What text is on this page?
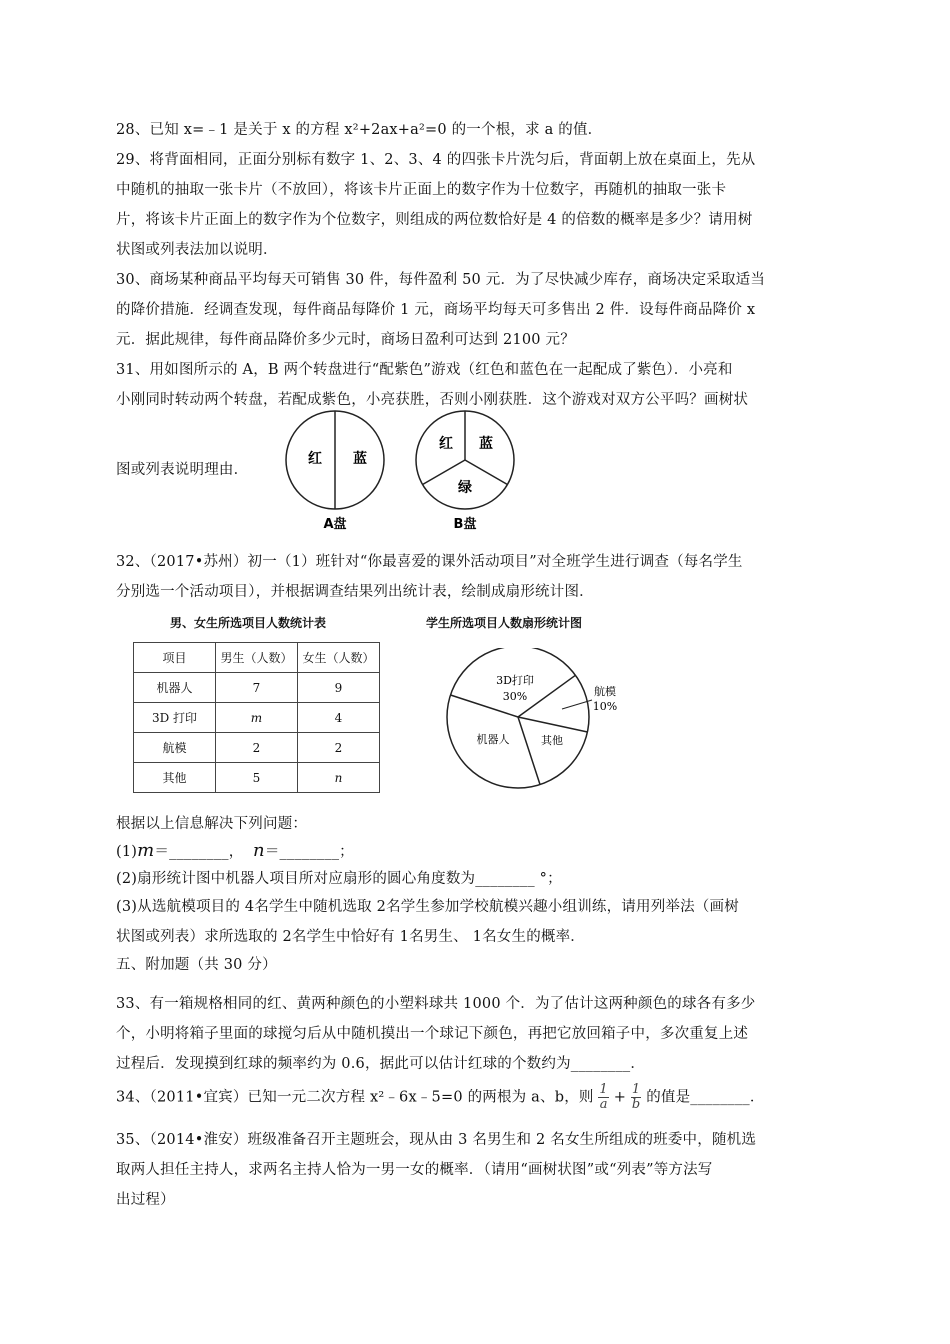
28、已知 x=﹣1 是关于 x 的方程 x²+2ax+a²=0 的一个根，求 a 的值．
29、将背面相同，正面分别标有数字 1、2、3、4 的四张卡片洗匀后，背面朝上放在桌面上，先从
中随机的抽取一张卡片（不放回），将该卡片正面上的数字作为十位数字，再随机的抽取一张卡
片，将该卡片正面上的数字作为个位数字，则组成的两位数恰好是 4 的倍数的概率是多少？请用树
状图或列表法加以说明．
30、商场某种商品平均每天可销售 30 件，每件盈利 50 元．为了尽快减少库存，商场决定采取适当
的降价措施．经调查发现，每件商品每降价 1 元，商场平均每天可多售出 2 件．设每件商品降价 x
元．据此规律，每件商品降价多少元时，商场日盈利可达到 2100 元？
31、用如图所示的 A，B 两个转盘进行“配紫色”游戏（红色和蓝色在一起配成了紫色）．小亮和
小刚同时转动两个转盘，若配成紫色，小亮获胜，否则小刚获胜．这个游戏对双方公平吗？画树状
图或列表说明理由．
红 蓝
A盘
红 蓝
绿
B盘
32、（2017•苏州）初一（1）班针对“你最喜爱的课外活动项目”对全班学生进行调查（每名学生
分别选一个活动项目），并根据调查结果列出统计表，绘制成扇形统计图．
男、女生所选项目人数统计表	学生所选项目人数扇形统计图
项目	男生（人数）	女生（人数）
机器人	7	9
3D 打印	m	4
航模	2	2
其他	5	n
3D打印
30%	航模
10%
机器人	其他
根据以上信息解决下列问题：
(1)m＝________， n＝________；
(2)扇形统计图中机器人项目所对应扇形的圆心角度数为________ °；
(3)从选航模项目的 4名学生中随机选取 2名学生参加学校航模兴趣小组训练，请用列举法（画树
状图或列表）求所选取的 2名学生中恰好有 1名男生、 1名女生的概率．
五、附加题（共 30 分）
33、有一箱规格相同的红、黄两种颜色的小塑料球共 1000 个．为了估计这两种颜色的球各有多少
个，小明将箱子里面的球搅匀后从中随机摸出一个球记下颜色，再把它放回箱子中，多次重复上述
过程后．发现摸到红球的频率约为 0.6，据此可以估计红球的个数约为________．
34、（2011•宜宾）已知一元二次方程 x²﹣6x﹣5=0 的两根为 a、b，则 $\frac{1}{a} + \frac{1}{b}$ 的值是________．
35、（2014•淮安）班级准备召开主题班会，现从由 3 名男生和 2 名女生所组成的班委中，随机选
取两人担任主持人，求两名主持人恰为一男一女的概率．（请用“画树状图”或“列表”等方法写
出过程）
